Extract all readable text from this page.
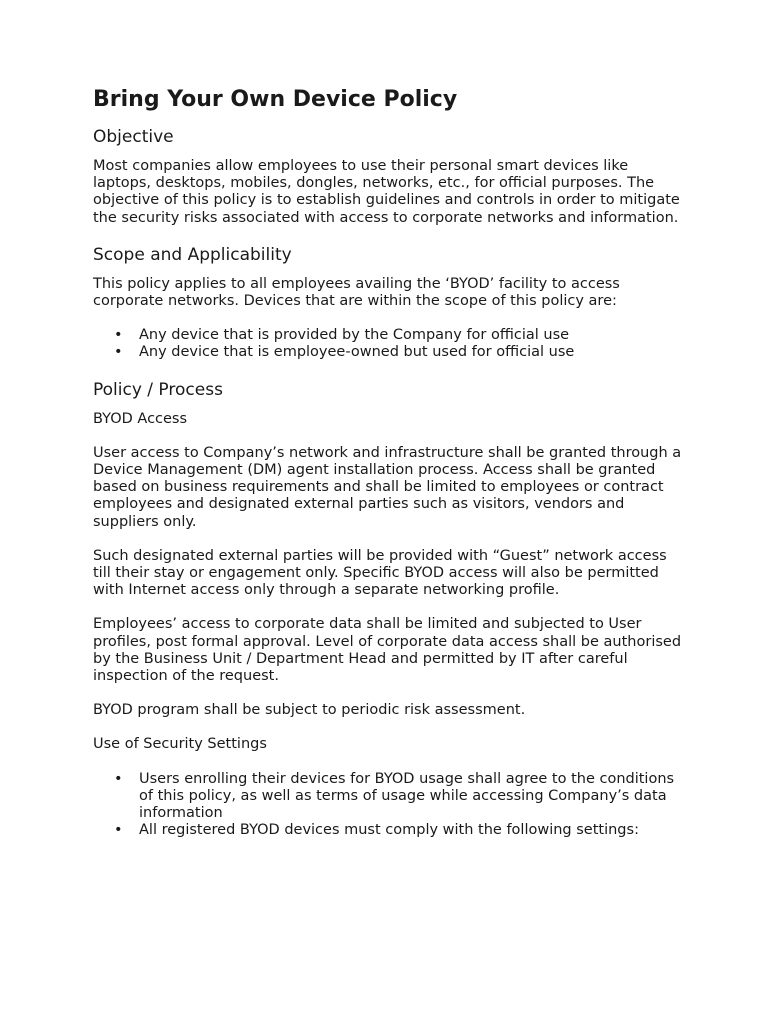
Bring Your Own Device Policy
Objective

Most companies allow employees to use their personal smart devices like laptops, desktops, mobiles, dongles, networks, etc., for official purposes. The objective of this policy is to establish guidelines and controls in order to mitigate the security risks associated with access to corporate networks and information.

Scope and Applicability

This policy applies to all employees availing the ‘BYOD’ facility to access corporate networks. Devices that are within the scope of this policy are:

• Any device that is provided by the Company for official use
• Any device that is employee-owned but used for official use
Policy / Process

BYOD Access

User access to Company’s network and infrastructure shall be granted through a Device Management (DM) agent installation process. Access shall be granted based on business requirements and shall be limited to employees or contract employees and designated external parties such as visitors, vendors and suppliers only.

Such designated external parties will be provided with “Guest” network access till their stay or engagement only. Specific BYOD access will also be permitted with Internet access only through a separate networking profile.

Employees’ access to corporate data shall be limited and subjected to User profiles, post formal approval. Level of corporate data access shall be authorised by the Business Unit / Department Head and permitted by IT after careful inspection of the request.

BYOD program shall be subject to periodic risk assessment.

Use of Security Settings

• Users enrolling their devices for BYOD usage shall agree to the conditions of this policy, as well as terms of usage while accessing Company’s data information
• All registered BYOD devices must comply with the following settings:
